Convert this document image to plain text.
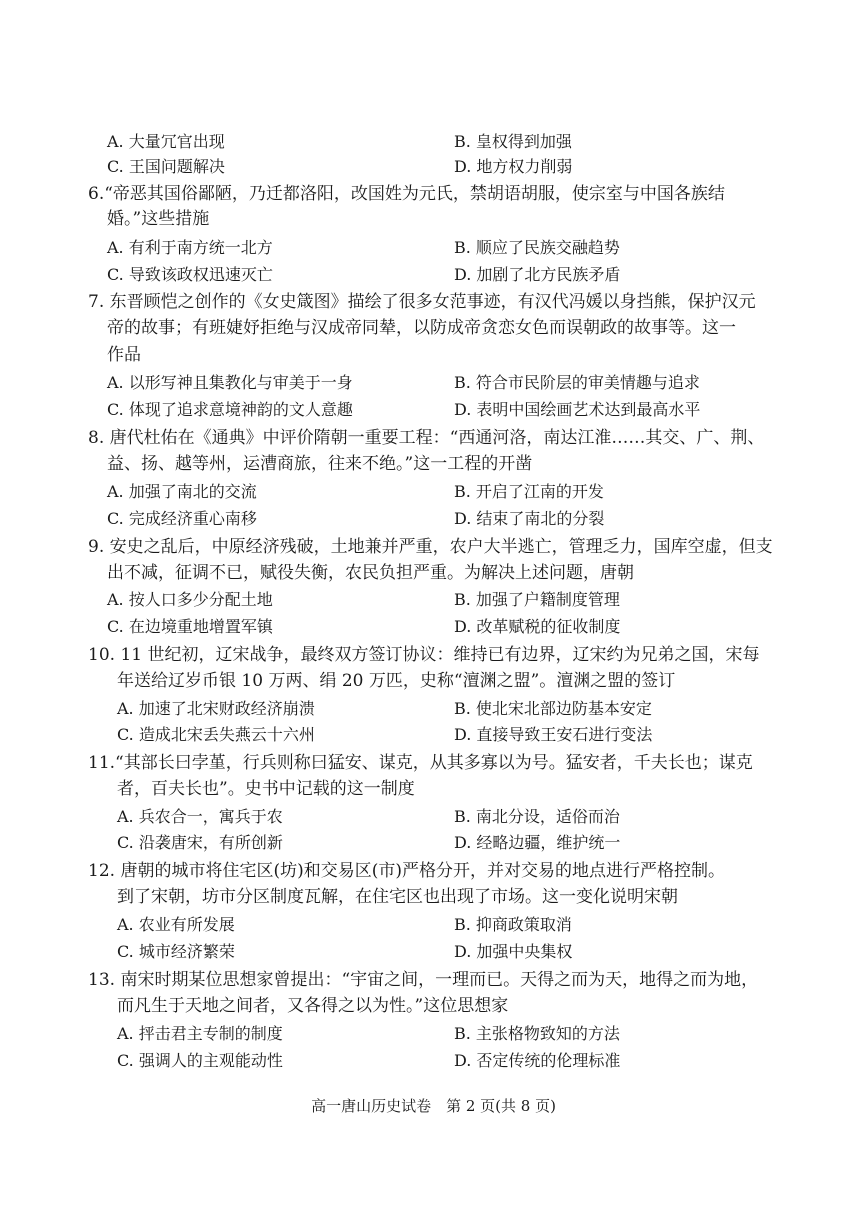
A. 大量冗官出现	B. 皇权得到加强
C. 王国问题解决	D. 地方权力削弱
6.“帝恶其国俗鄙陋，乃迁都洛阳，改国姓为元氏，禁胡语胡服，使宗室与中国各族结
婚。”这些措施
A. 有利于南方统一北方	B. 顺应了民族交融趋势
C. 导致该政权迅速灭亡	D. 加剧了北方民族矛盾
7. 东晋顾恺之创作的《女史箴图》描绘了很多女范事迹，有汉代冯媛以身挡熊，保护汉元
帝的故事；有班婕妤拒绝与汉成帝同辇，以防成帝贪恋女色而误朝政的故事等。这一
作品
A. 以形写神且集教化与审美于一身	B. 符合市民阶层的审美情趣与追求
C. 体现了追求意境神韵的文人意趣	D. 表明中国绘画艺术达到最高水平
8. 唐代杜佑在《通典》中评价隋朝一重要工程：“西通河洛，南达江淮……其交、广、荆、
益、扬、越等州，运漕商旅，往来不绝。”这一工程的开凿
A. 加强了南北的交流	B. 开启了江南的开发
C. 完成经济重心南移	D. 结束了南北的分裂
9. 安史之乱后，中原经济残破，土地兼并严重，农户大半逃亡，管理乏力，国库空虚，但支
出不减，征调不已，赋役失衡，农民负担严重。为解决上述问题，唐朝
A. 按人口多少分配土地	B. 加强了户籍制度管理
C. 在边境重地增置军镇	D. 改革赋税的征收制度
10. 11 世纪初，辽宋战争，最终双方签订协议：维持已有边界，辽宋约为兄弟之国，宋每
年送给辽岁币银 10 万两、绢 20 万匹，史称“澶渊之盟”。澶渊之盟的签订
A. 加速了北宋财政经济崩溃	B. 使北宋北部边防基本安定
C. 造成北宋丢失燕云十六州	D. 直接导致王安石进行变法
11.“其部长曰孛堇，行兵则称曰猛安、谋克，从其多寡以为号。猛安者，千夫长也；谋克
者，百夫长也”。史书中记载的这一制度
A. 兵农合一，寓兵于农	B. 南北分设，适俗而治
C. 沿袭唐宋，有所创新	D. 经略边疆，维护统一
12. 唐朝的城市将住宅区(坊)和交易区(市)严格分开，并对交易的地点进行严格控制。
到了宋朝，坊市分区制度瓦解，在住宅区也出现了市场。这一变化说明宋朝
A. 农业有所发展	B. 抑商政策取消
C. 城市经济繁荣	D. 加强中央集权
13. 南宋时期某位思想家曾提出：“宇宙之间，一理而已。天得之而为天，地得之而为地，
而凡生于天地之间者，又各得之以为性。”这位思想家
A. 抨击君主专制的制度	B. 主张格物致知的方法
C. 强调人的主观能动性	D. 否定传统的伦理标准
高一唐山历史试卷　第 2 页(共 8 页)
